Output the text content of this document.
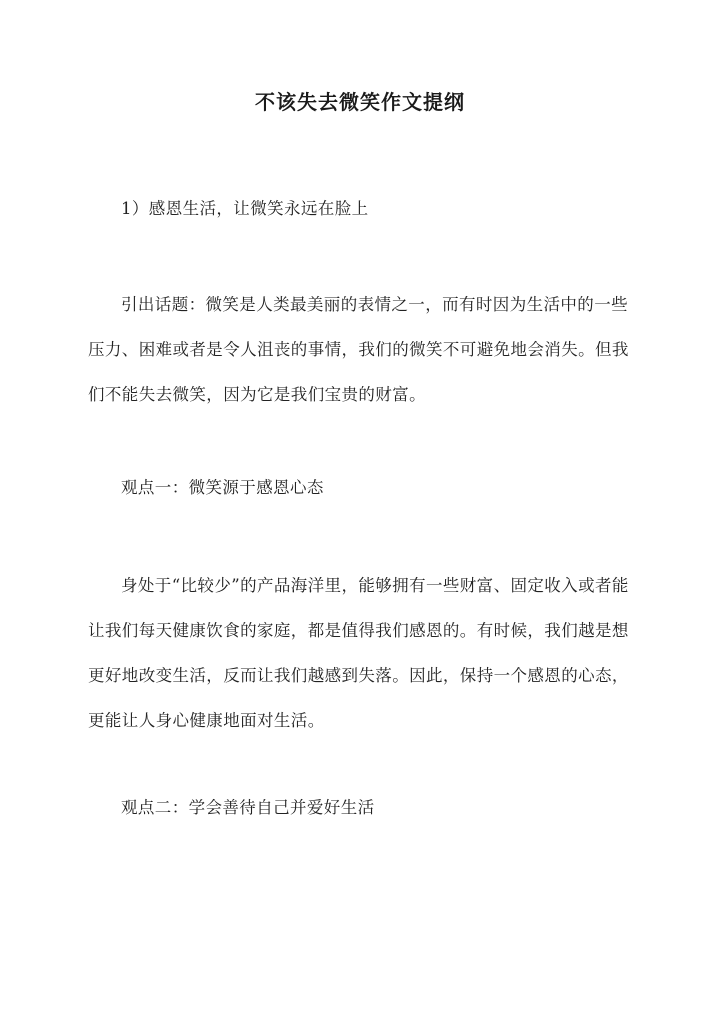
不该失去微笑作文提纲

1）感恩生活，让微笑永远在脸上

引出话题：微笑是人类最美丽的表情之一，而有时因为生活中的一些压力、困难或者是令人沮丧的事情，我们的微笑不可避免地会消失。但我们不能失去微笑，因为它是我们宝贵的财富。

观点一：微笑源于感恩心态

身处于“比较少”的产品海洋里，能够拥有一些财富、固定收入或者能让我们每天健康饮食的家庭，都是值得我们感恩的。有时候，我们越是想更好地改变生活，反而让我们越感到失落。因此，保持一个感恩的心态，更能让人身心健康地面对生活。

观点二：学会善待自己并爱好生活
